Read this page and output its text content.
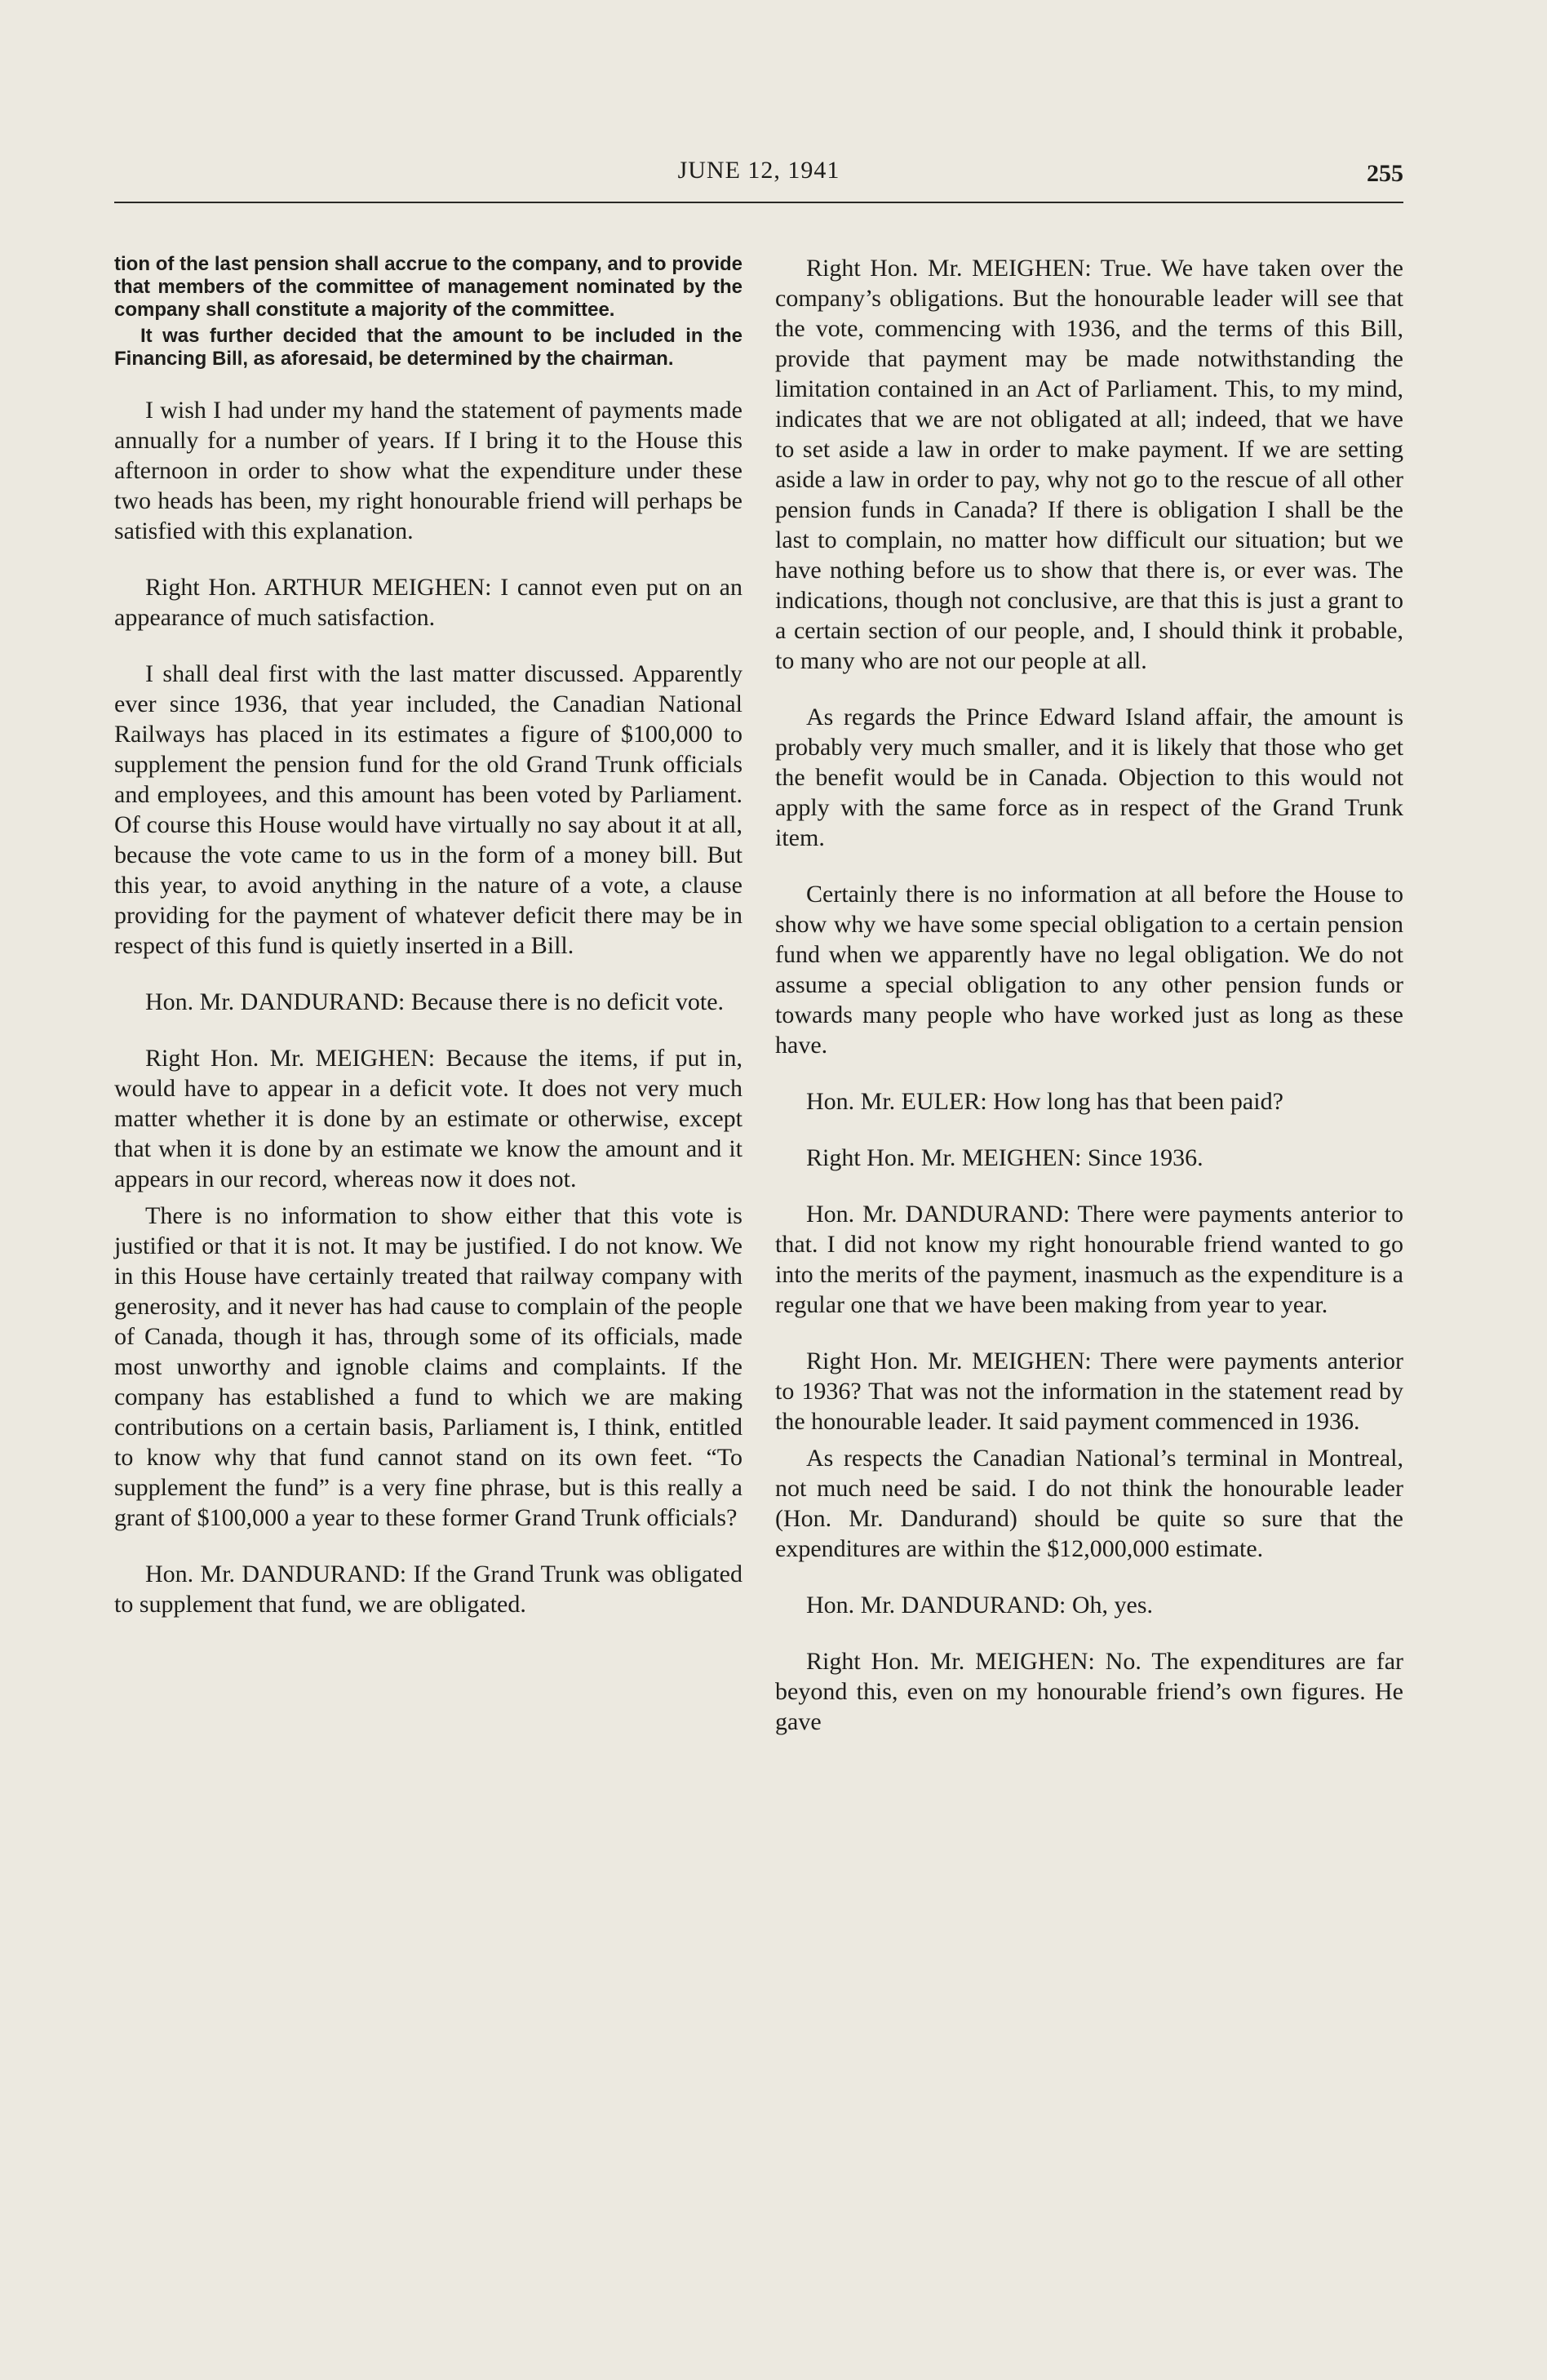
JUNE 12, 1941	255

tion of the last pension shall accrue to the company, and to provide that members of the committee of management nominated by the company shall constitute a majority of the committee.

It was further decided that the amount to be included in the Financing Bill, as aforesaid, be determined by the chairman.

I wish I had under my hand the statement of payments made annually for a number of years. If I bring it to the House this afternoon in order to show what the expenditure under these two heads has been, my right honourable friend will perhaps be satisfied with this explanation.

Right Hon. ARTHUR MEIGHEN: I cannot even put on an appearance of much satisfaction.

I shall deal first with the last matter discussed. Apparently ever since 1936, that year included, the Canadian National Railways has placed in its estimates a figure of $100,000 to supplement the pension fund for the old Grand Trunk officials and employees, and this amount has been voted by Parliament. Of course this House would have virtually no say about it at all, because the vote came to us in the form of a money bill. But this year, to avoid anything in the nature of a vote, a clause providing for the payment of whatever deficit there may be in respect of this fund is quietly inserted in a Bill.

Hon. Mr. DANDURAND: Because there is no deficit vote.

Right Hon. Mr. MEIGHEN: Because the items, if put in, would have to appear in a deficit vote. It does not very much matter whether it is done by an estimate or otherwise, except that when it is done by an estimate we know the amount and it appears in our record, whereas now it does not.

There is no information to show either that this vote is justified or that it is not. It may be justified. I do not know. We in this House have certainly treated that railway company with generosity, and it never has had cause to complain of the people of Canada, though it has, through some of its officials, made most unworthy and ignoble claims and complaints. If the company has established a fund to which we are making contributions on a certain basis, Parliament is, I think, entitled to know why that fund cannot stand on its own feet. “To supplement the fund” is a very fine phrase, but is this really a grant of $100,000 a year to these former Grand Trunk officials?

Hon. Mr. DANDURAND: If the Grand Trunk was obligated to supplement that fund, we are obligated.

Right Hon. Mr. MEIGHEN: True. We have taken over the company’s obligations. But the honourable leader will see that the vote, commencing with 1936, and the terms of this Bill, provide that payment may be made notwithstanding the limitation contained in an Act of Parliament. This, to my mind, indicates that we are not obligated at all; indeed, that we have to set aside a law in order to make payment. If we are setting aside a law in order to pay, why not go to the rescue of all other pension funds in Canada? If there is obligation I shall be the last to complain, no matter how difficult our situation; but we have nothing before us to show that there is, or ever was. The indications, though not conclusive, are that this is just a grant to a certain section of our people, and, I should think it probable, to many who are not our people at all.

As regards the Prince Edward Island affair, the amount is probably very much smaller, and it is likely that those who get the benefit would be in Canada. Objection to this would not apply with the same force as in respect of the Grand Trunk item.

Certainly there is no information at all before the House to show why we have some special obligation to a certain pension fund when we apparently have no legal obligation. We do not assume a special obligation to any other pension funds or towards many people who have worked just as long as these have.

Hon. Mr. EULER: How long has that been paid?

Right Hon. Mr. MEIGHEN: Since 1936.

Hon. Mr. DANDURAND: There were payments anterior to that. I did not know my right honourable friend wanted to go into the merits of the payment, inasmuch as the expenditure is a regular one that we have been making from year to year.

Right Hon. Mr. MEIGHEN: There were payments anterior to 1936? That was not the information in the statement read by the honourable leader. It said payment commenced in 1936.

As respects the Canadian National’s terminal in Montreal, not much need be said. I do not think the honourable leader (Hon. Mr. Dandurand) should be quite so sure that the expenditures are within the $12,000,000 estimate.

Hon. Mr. DANDURAND: Oh, yes.

Right Hon. Mr. MEIGHEN: No. The expenditures are far beyond this, even on my honourable friend’s own figures. He gave
